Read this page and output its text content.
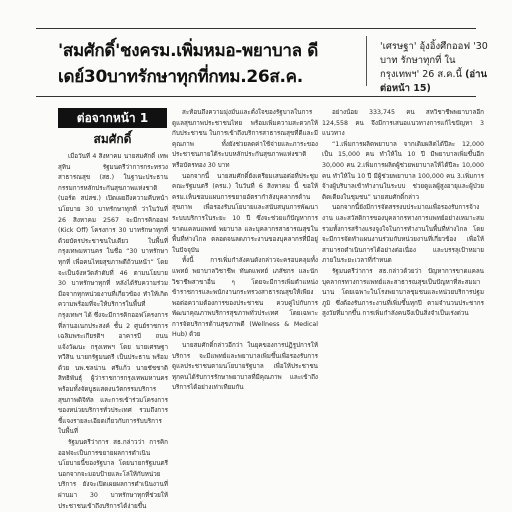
'สมศักดิ์'ชงครม.เพิ่มหมอ-พยาบาล ดีเดย์30บาทรักษาทุกที่กทม.26ส.ค.
'เศรษฐา' อุ้งอิ้งศึกออฟ '30 บาท รักษาทุกที่ ในกรุงเทพฯ' 26 ส.ค.นี้ (อ่านต่อหน้า 15)
ต่อจากหน้า 1
สมศักดิ์

เมื่อวันที่ 4 สิงหาคม นายสมศักดิ์ เทพสุทิน รัฐมนตรีว่าการกระทรวงสาธารณสุข (สธ.) ในฐานะประธานกรรมการหลักประกันสุขภาพแห่งชาติ (บอร์ด สปสช.) เปิดเผยถึงความคืบหน้านโยบาย 30 บาทรักษาทุกที่ ว่าในวันที่ 26 สิงหาคม 2567 จะมีการคิกออฟ (Kick Off) โครงการ 30 บาทรักษาทุกที่ด้วยบัตรประชาชนใบเดียว ในพื้นที่กรุงเทพมหานคร ในชื่อ “30 บาทรักษาทุกที่ เพื่อคนไทยสุขภาพดีถ้วนหน้า” โดยจะเป็นจังหวัดลำดับที่ 46 ตามนโยบาย 30 บาทรักษาทุกที่ หลังได้รับความร่วมมือจากทุกหน่วยงานที่เกี่ยวข้อง ทำให้เกิดความพร้อมที่จะให้บริการในพื้นที่กรุงเทพฯ ได้ ซึ่งจะมีการคิกออฟโครงการที่ลานอเนกประสงค์ ชั้น 2 ศูนย์ราชการเฉลิมพระเกียรติฯ อาคารบี ถนนแจ้งวัฒนะ กรุงเทพฯ โดย นายเศรษฐา ทวีสิน นายกรัฐมนตรี เป็นประธาน พร้อมด้วย นพ.ชลน่าน ศรีแก้ว นายชัชชาติ สิทธิพันธุ์ ผู้ว่าราชการกรุงเทพมหานคร พร้อมทั้งจัดบูธแสดงนวัตกรรมบริการสุขภาพดิจิทัล และการเข้าร่วมโครงการ ของหน่วยบริการทั่วประเทศ รวมถึงการชี้แจงรายละเอียดเกี่ยวกับการรับบริการในพื้นที่

รัฐมนตรีว่าการ สธ.กล่าวว่า การคิกออฟจะเป็นการขยายผลการดำเนินนโยบายนี้ของรัฐบาล โดยนายกรัฐมนตรี นอกจากจะมอบป้ายและโล่ให้กับหน่วยบริการ ยังจะเปิดเผยผลการดำเนินงานที่ผ่านมา 30 บาทรักษาทุกที่ช่วยให้ประชาชนเข้าถึงบริการได้ง่ายขึ้น

สะท้อนถึงความมุ่งมั่นและตั้งใจของรัฐบาลในการดูแลสุขภาพประชาชนไทย พร้อมเพิ่มความสะดวกให้กับประชาชน ในการเข้าถึงบริการสาธารณสุขที่ดีและมีคุณภาพ ทั้งยังช่วยลดค่าใช้จ่ายและภาระของประชาชนภายใต้ระบบหลักประกันสุขภาพแห่งชาติ หรือบัตรทอง 30 บาท

นอกจากนี้ นายสมศักดิ์ยังเตรียมเสนอต่อที่ประชุมคณะรัฐมนตรี (ครม.) ในวันที่ 6 สิงหาคม นี้ ขอให้ ครม.เห็นชอบแผนการขยายอัตรากำลังบุคลากรด้านสุขภาพ เพื่อรองรับนโยบายและสนับสนุนการพัฒนาระบบบริการในระยะ 10 ปี ซึ่งจะช่วยแก้ปัญหาการขาดแคลนแพทย์ พยาบาล และบุคลากรสาธารณสุขในพื้นที่ห่างไกล ตลอดจนลดภาระงานของบุคลากรที่มีอยู่ในปัจจุบัน

ทั้งนี้ การเพิ่มกำลังคนดังกล่าวจะครอบคลุมทั้งแพทย์ พยาบาลวิชาชีพ ทันตแพทย์ เภสัชกร และนักวิชาชีพสาขาอื่น ๆ โดยจะมีการเพิ่มตำแหน่งข้าราชการและพนักงานกระทรวงสาธารณสุขให้เพียงพอต่อความต้องการของประชาชน ควบคู่ไปกับการพัฒนาคุณภาพบริการสุขภาพทั่วประเทศ โดยเฉพาะการจัดบริการด้านสุขภาพดี (Wellness & Medical Hub) ด้วย

นายสมศักดิ์กล่าวอีกว่า ในยุคของการปฏิรูปการให้บริการ จะมีแพทย์และพยาบาลเพิ่มขึ้นเพื่อรองรับการดูแลประชาชนตามนโยบายรัฐบาล เพื่อให้ประชาชนทุกคนได้รับการรักษาพยาบาลที่มีคุณภาพ และเข้าถึงบริการได้อย่างเท่าเทียมกัน

อย่างน้อย 333,745 คน สหวิชาชีพพยาบาลอีก 124,558 คน จึงมีการเสนอแนวทางการแก้ไขปัญหา 3 แนวทาง

“1.เพิ่มการผลิตพยาบาล จากเดิมผลิตได้ปีละ 12,000 เป็น 15,000 คน ทำให้ใน 10 ปี มีพยาบาลเพิ่มขึ้นอีก 30,000 คน 2.เพิ่มการผลิตผู้ช่วยพยาบาลให้ได้ปีละ 10,000 คน ทำให้ใน 10 ปี มีผู้ช่วยพยาบาล 100,000 คน 3.เพิ่มการจ้างผู้บริบาลเข้าทำงานในระบบ ช่วยดูแลผู้สูงอายุและผู้ป่วยติดเตียงในชุมชน” นายสมศักดิ์กล่าว

นอกจากนี้ยังมีการจัดสรรงบประมาณเพื่อรองรับการจ้างงาน และสวัสดิการของบุคลากรทางการแพทย์อย่างเหมาะสม รวมทั้งการสร้างแรงจูงใจในการทำงานในพื้นที่ห่างไกล โดยจะมีการจัดทำแผนงานร่วมกับหน่วยงานที่เกี่ยวข้อง เพื่อให้สามารถดำเนินการได้อย่างต่อเนื่อง และบรรลุเป้าหมายภายในระยะเวลาที่กำหนด

รัฐมนตรีว่าการ สธ.กล่าวด้วยว่า ปัญหาการขาดแคลนบุคลากรทางการแพทย์และสาธารณสุขเป็นปัญหาที่สะสมมานาน โดยเฉพาะในโรงพยาบาลชุมชนและหน่วยบริการปฐมภูมิ ซึ่งต้องรับภาระงานที่เพิ่มขึ้นทุกปี ตามจำนวนประชากรสูงวัยที่มากขึ้น การเพิ่มกำลังคนจึงเป็นสิ่งจำเป็นเร่งด่วน
